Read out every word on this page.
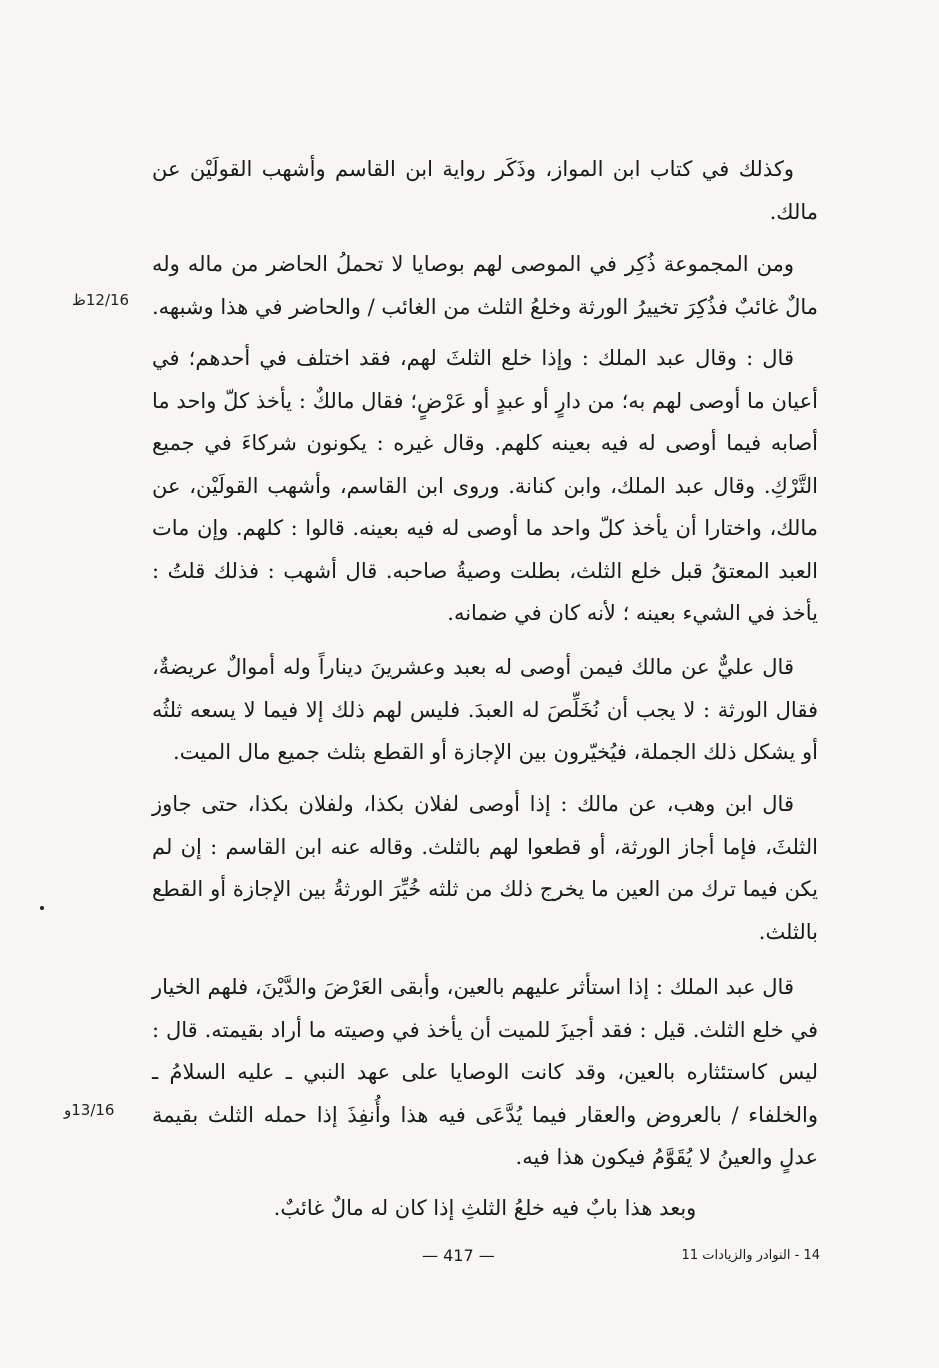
وكذلك في كتاب ابن المواز، وذَكَر رواية ابن القاسم وأشهب القولَيْن عن مالك.

ومن المجموعة ذُكِر في الموصى لهم بوصايا لا تحملُ الحاضر من ماله وله مالٌ غائبٌ فذُكِرَ تخييرُ الورثة وخلعُ الثلث من الغائب / والحاضر في هذا وشبهه.

قال : وقال عبد الملك : وإذا خلع الثلثَ لهم، فقد اختلف في أحدهم؛ في أعيان ما أوصى لهم به؛ من دارٍ أو عبدٍ أو عَرْضٍ؛ فقال مالكٌ : يأخذ كلّ واحد ما أصابه فيما أوصى له فيه بعينه كلهم. وقال غيره : يكونون شركاءَ في جميع التَّرْكِ. وقال عبد الملك، وابن كنانة. وروى ابن القاسم، وأشهب القولَيْن، عن مالك، واختارا أن يأخذ كلّ واحد ما أوصى له فيه بعينه. قالوا : كلهم. وإن مات العبد المعتقُ قبل خلع الثلث، بطلت وصيةُ صاحبه. قال أشهب : فذلك قلتُ : يأخذ في الشيء بعينه ؛ لأنه كان في ضمانه.

قال عليٌّ عن مالك فيمن أوصى له بعبد وعشرينَ ديناراً وله أموالٌ عريضةٌ، فقال الورثة : لا يجب أن نُخَلِّصَ له العبدَ. فليس لهم ذلك إلا فيما لا يسعه ثلثُه أو يشكل ذلك الجملة، فيُخيّرون بين الإجازة أو القطع بثلث جميع مال الميت.

قال ابن وهب، عن مالك : إذا أوصى لفلان بكذا، ولفلان بكذا، حتى جاوز الثلثَ، فإما أجاز الورثة، أو قطعوا لهم بالثلث. وقاله عنه ابن القاسم : إن لم يكن فيما ترك من العين ما يخرج ذلك من ثلثه خُيِّرَ الورثةُ بين الإجازة أو القطع بالثلث.

قال عبد الملك : إذا استأثر عليهم بالعين، وأبقى العَرْضَ والدَّيْنَ، فلهم الخيار في خلع الثلث. قيل : فقد أجيزَ للميت أن يأخذ في وصيته ما أراد بقيمته. قال : ليس كاستئثاره بالعين، وقد كانت الوصايا على عهد النبي ـ عليه السلامُ ـ والخلفاء / بالعروض والعقار فيما يُدَّعَى فيه هذا وأُنفِذَ إذا حمله الثلث بقيمة عدلٍ والعينُ لا يُقَوَّمُ فيكون هذا فيه.

وبعد هذا بابٌ فيه خلعُ الثلثِ إذا كان له مالٌ غائبٌ.

12/16ظ
13/16و
— 417 —	14 - النوادر والزيادات 11
